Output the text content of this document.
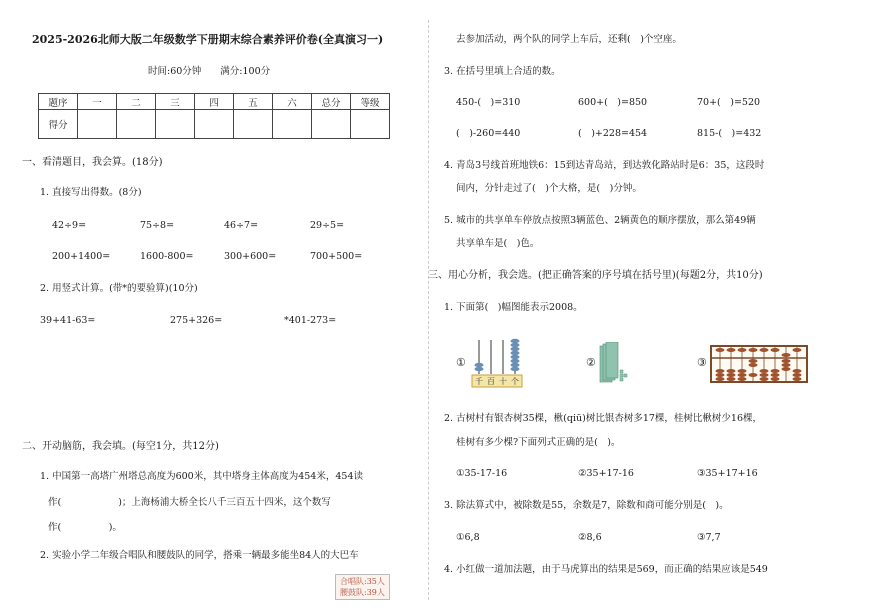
2025-2026北师大版二年级数学下册期末综合素养评价卷(全真演习一)
时间:60分钟　　满分:100分
题序	一	二	三	四	五	六	总分	等级
得分								
一、看清题目，我会算。(18分)
1. 直接写出得数。(8分)
42÷9=	75÷8=	46÷7=	29÷5=
200+1400=	1600-800=	300+600=	700+500=
2. 用竖式计算。(带*的要验算)(10分)
39+41-63=	275+326=	*401-273=
二、开动脑筋，我会填。(每空1分，共12分)
1. 中国第一高塔广州塔总高度为600米，其中塔身主体高度为454米，454读
作(　　　　　　)；上海杨浦大桥全长八千三百五十四米，这个数写
作(　　　　　)。
2. 实验小学二年级合唱队和腰鼓队的同学，搭乘一辆最多能坐84人的大巴车
合唱队:35人
腰鼓队:39人
去参加活动，两个队的同学上车后，还剩(　)个空座。
3. 在括号里填上合适的数。
450-(　)=310	600+(　)=850	70+(　)=520
(　)-260=440	(　)+228=454	815-(　)=432
4. 青岛3号线首班地铁6：15到达青岛站，到达敦化路站时是6：35，这段时
间内，分针走过了(　)个大格，是(　)分钟。
5. 城市的共享单车停放点按照3辆蓝色、2辆黄色的顺序摆放，那么第49辆
共享单车是(　)色。
三、用心分析，我会选。(把正确答案的序号填在括号里)(每题2分，共10分)
1. 下面第(　)幅图能表示2008。
①
千 百 十 个
②	③
2. 古树村有银杏树35棵，楸(qiū)树比银杏树多17棵，桂树比楸树少16棵，
桂树有多少棵?下面列式正确的是(　)。
①35-17-16	②35+17-16	③35+17+16
3. 除法算式中，被除数是55，余数是7，除数和商可能分别是(　)。
①6,8	②8,6	③7,7
4. 小红做一道加法题，由于马虎算出的结果是569，而正确的结果应该是549
